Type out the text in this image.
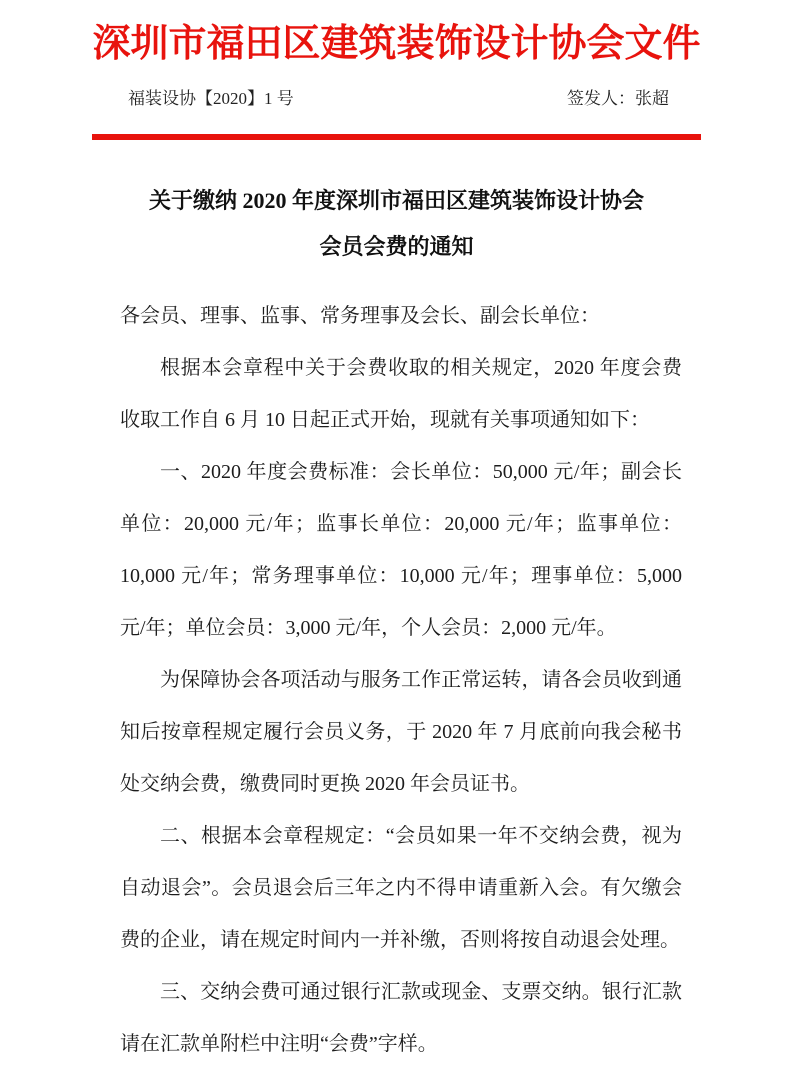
深圳市福田区建筑装饰设计协会文件
福装设协【2020】1 号	签发人：张超
关于缴纳 2020 年度深圳市福田区建筑装饰设计协会
会员会费的通知

各会员、理事、监事、常务理事及会长、副会长单位：

根据本会章程中关于会费收取的相关规定，2020 年度会费收取工作自 6 月 10 日起正式开始，现就有关事项通知如下：

一、2020 年度会费标准：会长单位：50,000 元/年；副会长单位：20,000 元/年；监事长单位：20,000 元/年；监事单位：10,000 元/年；常务理事单位：10,000 元/年；理事单位：5,000 元/年；单位会员：3,000 元/年，个人会员：2,000 元/年。

为保障协会各项活动与服务工作正常运转，请各会员收到通知后按章程规定履行会员义务，于 2020 年 7 月底前向我会秘书处交纳会费，缴费同时更换 2020 年会员证书。

二、根据本会章程规定：“会员如果一年不交纳会费，视为自动退会”。会员退会后三年之内不得申请重新入会。有欠缴会费的企业，请在规定时间内一并补缴，否则将按自动退会处理。

三、交纳会费可通过银行汇款或现金、支票交纳。银行汇款请在汇款单附栏中注明“会费”字样。
